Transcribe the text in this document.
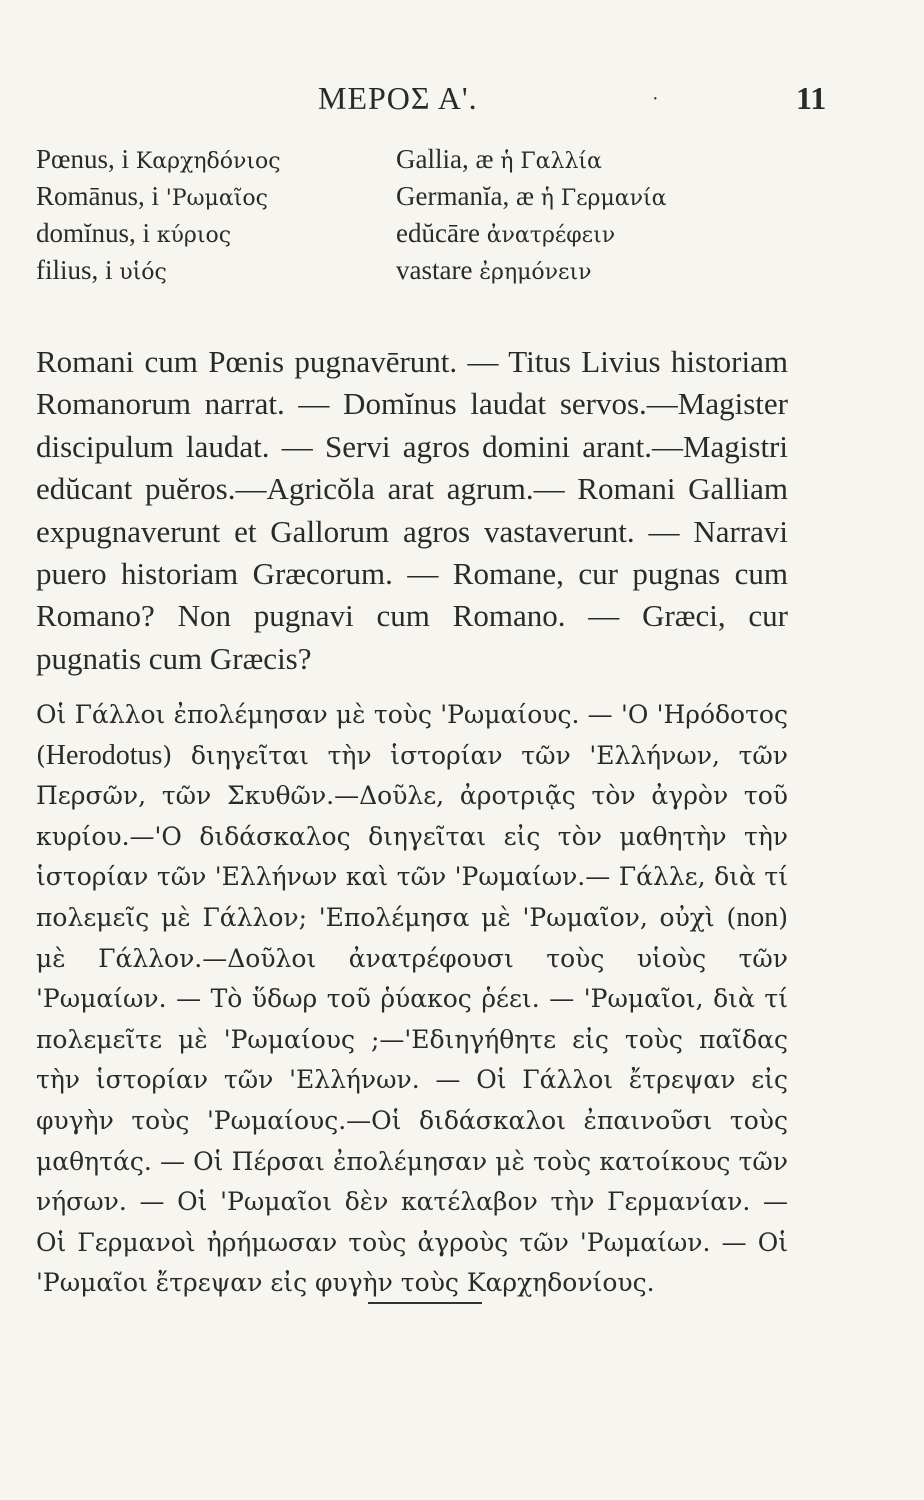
ΜΕΡΟΣ Α'.	·	11
Pœnus, i Καρχηδόνιος
Romānus, i 'Ρωμαῖος
domĭnus, i κύριος
filius, i υἱός
Gallia, æ ἡ Γαλλία
Germanĭa, æ ἡ Γερμανία
edŭcāre ἀνατρέφειν
vastare ἐρημόνειν

Romani cum Pœnis pugnavērunt. — Titus Livius historiam Romanorum narrat. — Domĭnus laudat servos.—Magister discipulum laudat. — Servi agros domini arant.—Magistri edŭcant puĕros.—Agricŏla arat agrum.— Romani Galliam expugnaverunt et Gallorum agros vastaverunt. — Narravi puero historiam Græcorum. — Romane, cur pugnas cum Romano? Non pugnavi cum Romano. — Græci, cur pugnatis cum Græcis?

Οἱ Γάλλοι ἐπολέμησαν μὲ τοὺς 'Ρωμαίους. — 'Ο 'Ηρόδοτος (Herodotus) διηγεῖται τὴν ἱστορίαν τῶν 'Ελλήνων, τῶν Περσῶν, τῶν Σκυθῶν.—Δοῦλε, ἀροτριᾷς τὸν ἀγρὸν τοῦ κυρίου.—'Ο διδάσκαλος διηγεῖται εἰς τὸν μαθητὴν τὴν ἱστορίαν τῶν 'Ελλήνων καὶ τῶν 'Ρωμαίων.— Γάλλε, διὰ τί πολεμεῖς μὲ Γάλλον; 'Επολέμησα μὲ 'Ρωμαῖον, οὐχὶ (non) μὲ Γάλλον.—Δοῦλοι ἀνατρέφουσι τοὺς υἱοὺς τῶν 'Ρωμαίων. — Τὸ ὕδωρ τοῦ ῥύακος ῥέει. — 'Ρωμαῖοι, διὰ τί πολεμεῖτε μὲ 'Ρωμαίους ;—'Εδιηγήθητε εἰς τοὺς παῖδας τὴν ἱστορίαν τῶν 'Ελλήνων. — Οἱ Γάλλοι ἔτρεψαν εἰς φυγὴν τοὺς 'Ρωμαίους.—Οἱ διδάσκαλοι ἐπαινοῦσι τοὺς μαθητάς. — Οἱ Πέρσαι ἐπολέμησαν μὲ τοὺς κατοίκους τῶν νήσων. — Οἱ 'Ρωμαῖοι δὲν κατέλαβον τὴν Γερμανίαν. — Οἱ Γερμανοὶ ἠρήμωσαν τοὺς ἀγροὺς τῶν 'Ρωμαίων. — Οἱ 'Ρωμαῖοι ἔτρεψαν εἰς φυγὴν τοὺς Καρχηδονίους.
